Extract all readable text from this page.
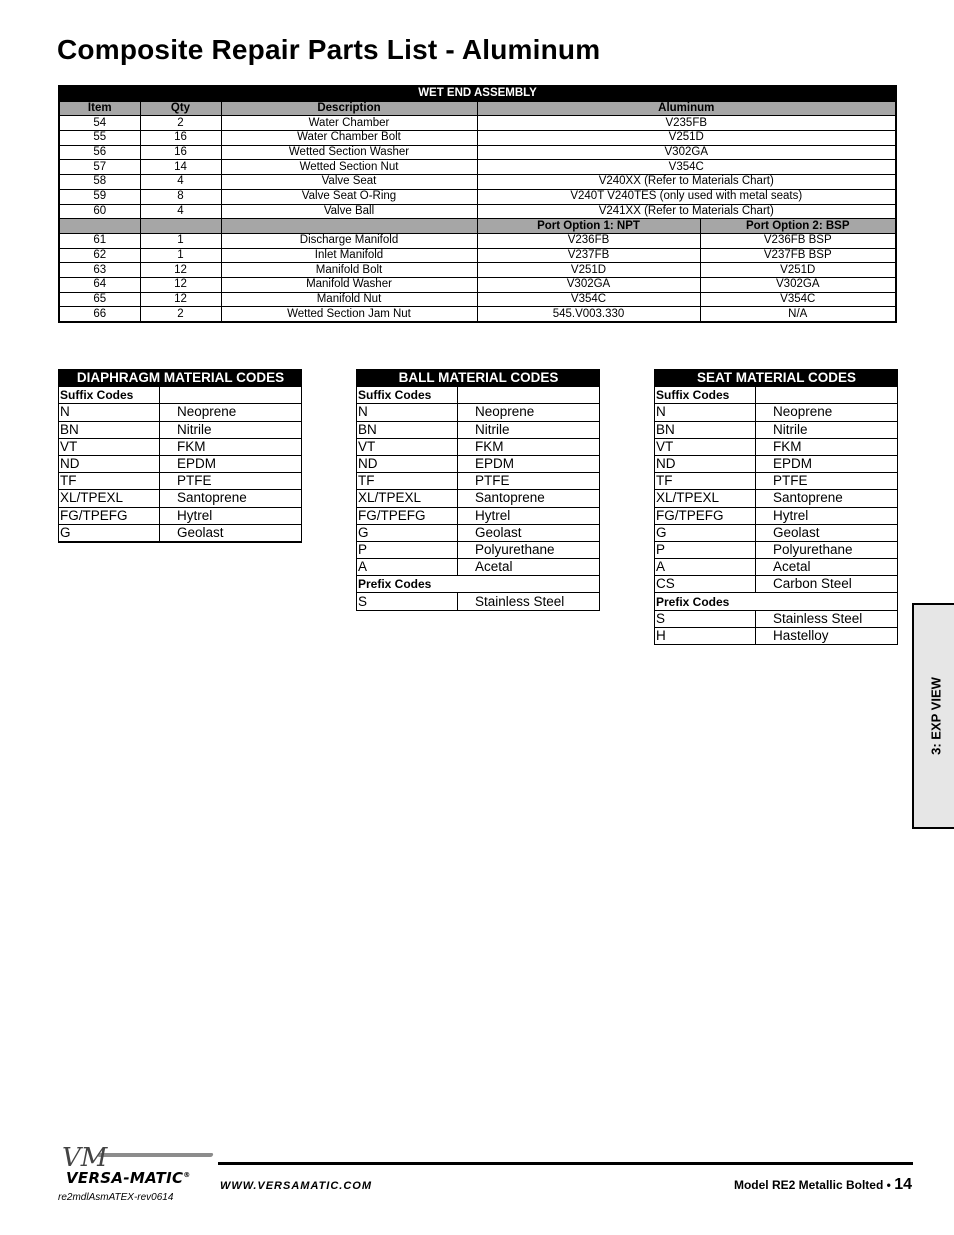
Composite Repair Parts List - Aluminum
WET END ASSEMBLY				
Item	Qty	Description	Aluminum	
54	2	Water Chamber	V235FB	
55	16	Water Chamber Bolt	V251D	
56	16	Wetted Section Washer	V302GA	
57	14	Wetted Section Nut	V354C	
58	4	Valve Seat	V240XX (Refer to Materials Chart)	
59	8	Valve Seat O-Ring	V240T V240TES (only used with metal seats)	
60	4	Valve Ball	V241XX (Refer to Materials Chart)	
			Port Option 1: NPT	Port Option 2: BSP
61	1	Discharge Manifold	V236FB	V236FB BSP
62	1	Inlet Manifold	V237FB	V237FB BSP
63	12	Manifold Bolt	V251D	V251D
64	12	Manifold Washer	V302GA	V302GA
65	12	Manifold Nut	V354C	V354C
66	2	Wetted Section Jam Nut	545.V003.330	N/A
DIAPHRAGM MATERIAL CODES	
Suffix Codes	
N	Neoprene
BN	Nitrile
VT	FKM
ND	EPDM
TF	PTFE
XL/TPEXL	Santoprene
FG/TPEFG	Hytrel
G	Geolast
BALL MATERIAL CODES	
Suffix Codes	
N	Neoprene
BN	Nitrile
VT	FKM
ND	EPDM
TF	PTFE
XL/TPEXL	Santoprene
FG/TPEFG	Hytrel
G	Geolast
P	Polyurethane
A	Acetal
Prefix Codes	
S	Stainless Steel
SEAT MATERIAL CODES	
Suffix Codes	
N	Neoprene
BN	Nitrile
VT	FKM
ND	EPDM
TF	PTFE
XL/TPEXL	Santoprene
FG/TPEFG	Hytrel
G	Geolast
P	Polyurethane
A	Acetal
CS	Carbon Steel
Prefix Codes	
S	Stainless Steel
H	Hastelloy
3: EXP VIEW
VM
VERSA-MATIC®
re2mdlAsmATEX-rev0614
WWW.VERSAMATIC.COM	Model RE2 Metallic Bolted • 14
